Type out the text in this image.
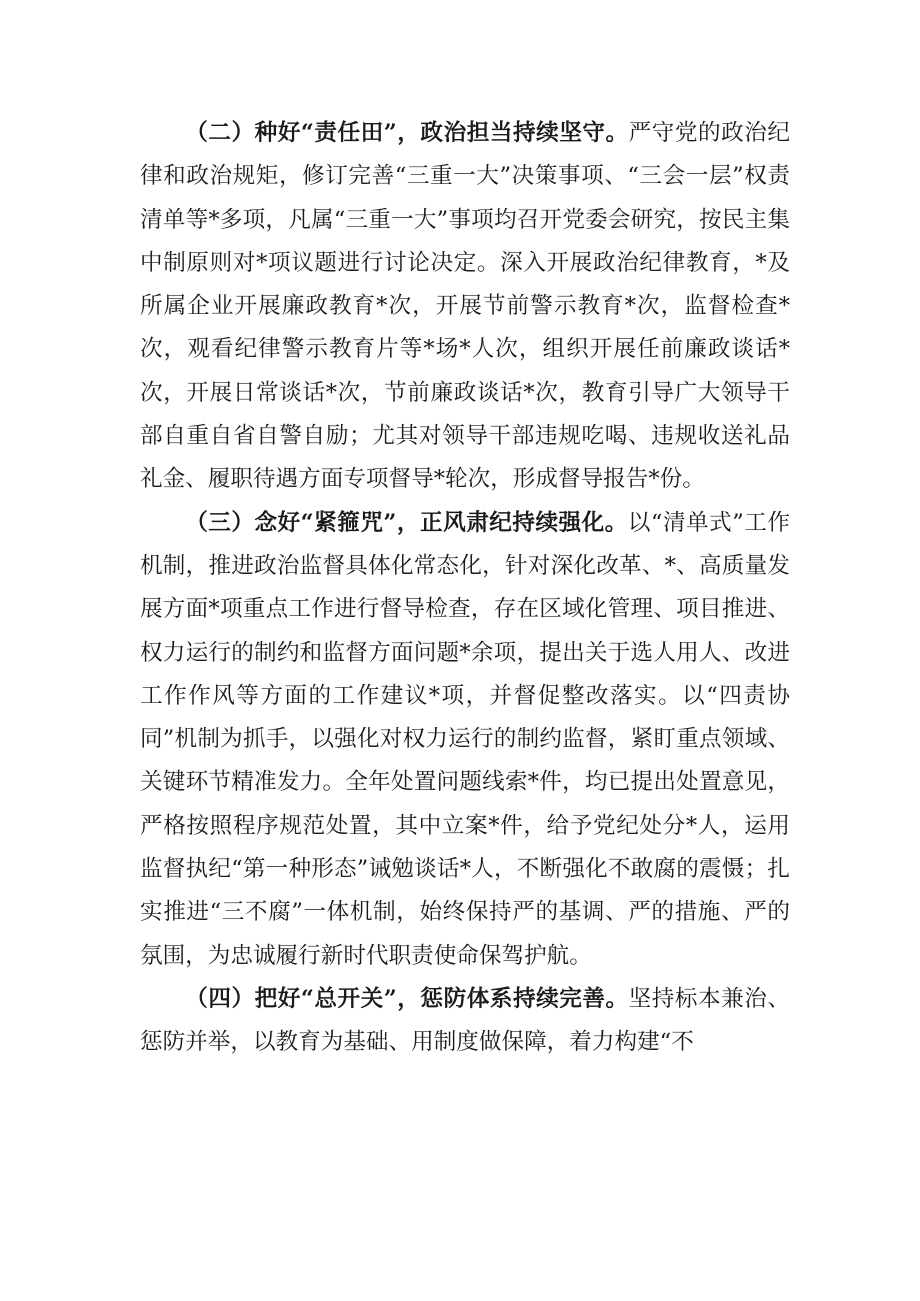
（二）种好“责任田”，政治担当持续坚守。严守党的政治纪律和政治规矩，修订完善“三重一大”决策事项、“三会一层”权责清单等*多项，凡属“三重一大”事项均召开党委会研究，按民主集中制原则对*项议题进行讨论决定。深入开展政治纪律教育，*及所属企业开展廉政教育*次，开展节前警示教育*次，监督检查*次，观看纪律警示教育片等*场*人次，组织开展任前廉政谈话*次，开展日常谈话*次，节前廉政谈话*次，教育引导广大领导干部自重自省自警自励；尤其对领导干部违规吃喝、违规收送礼品礼金、履职待遇方面专项督导*轮次，形成督导报告*份。

（三）念好“紧箍咒”，正风肃纪持续强化。以“清单式”工作机制，推进政治监督具体化常态化，针对深化改革、*、高质量发展方面*项重点工作进行督导检查，存在区域化管理、项目推进、权力运行的制约和监督方面问题*余项，提出关于选人用人、改进工作作风等方面的工作建议*项，并督促整改落实。以“四责协同”机制为抓手，以强化对权力运行的制约监督，紧盯重点领域、关键环节精准发力。全年处置问题线索*件，均已提出处置意见，严格按照程序规范处置，其中立案*件，给予党纪处分*人，运用监督执纪“第一种形态”诫勉谈话*人，不断强化不敢腐的震慑；扎实推进“三不腐”一体机制，始终保持严的基调、严的措施、严的氛围，为忠诚履行新时代职责使命保驾护航。

（四）把好“总开关”，惩防体系持续完善。坚持标本兼治、惩防并举，以教育为基础、用制度做保障，着力构建“不
